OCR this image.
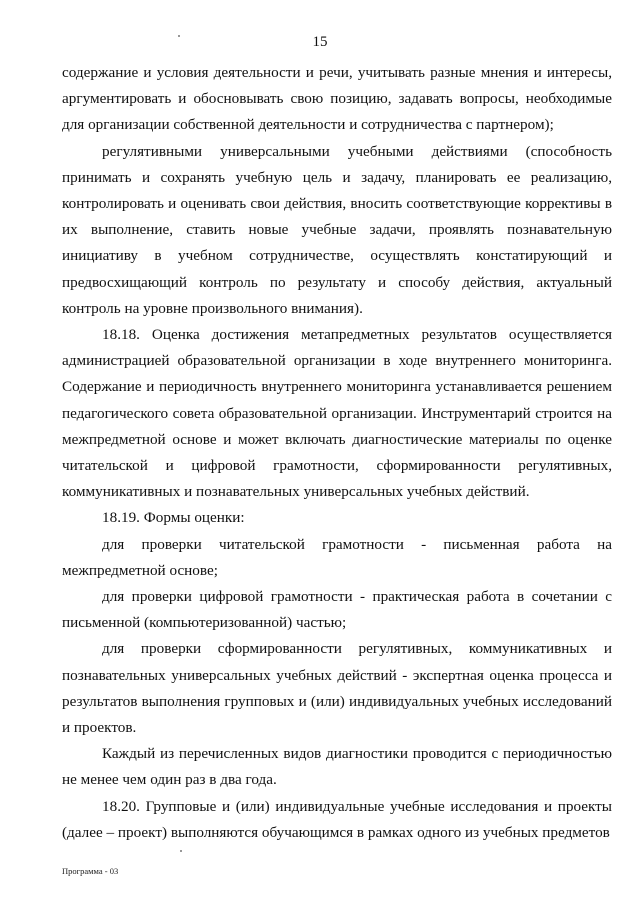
15

содержание и условия деятельности и речи, учитывать разные мнения и интересы, аргументировать и обосновывать свою позицию, задавать вопросы, необходимые для организации собственной деятельности и сотрудничества с партнером);

регулятивными универсальными учебными действиями (способность принимать и сохранять учебную цель и задачу, планировать ее реализацию, контролировать и оценивать свои действия, вносить соответствующие коррективы в их выполнение, ставить новые учебные задачи, проявлять познавательную инициативу в учебном сотрудничестве, осуществлять констатирующий и предвосхищающий контроль по результату и способу действия, актуальный контроль на уровне произвольного внимания).

18.18. Оценка достижения метапредметных результатов осуществляется администрацией образовательной организации в ходе внутреннего мониторинга. Содержание и периодичность внутреннего мониторинга устанавливается решением педагогического совета образовательной организации. Инструментарий строится на межпредметной основе и может включать диагностические материалы по оценке читательской и цифровой грамотности, сформированности регулятивных, коммуникативных и познавательных универсальных учебных действий.

18.19. Формы оценки:

для проверки читательской грамотности - письменная работа на межпредметной основе;

для проверки цифровой грамотности - практическая работа в сочетании с письменной (компьютеризованной) частью;

для проверки сформированности регулятивных, коммуникативных и познавательных универсальных учебных действий - экспертная оценка процесса и результатов выполнения групповых и (или) индивидуальных учебных исследований и проектов.

Каждый из перечисленных видов диагностики проводится с периодичностью не менее чем один раз в два года.

18.20. Групповые и (или) индивидуальные учебные исследования и проекты (далее – проект) выполняются обучающимся в рамках одного из учебных предметов

Программа - 03
